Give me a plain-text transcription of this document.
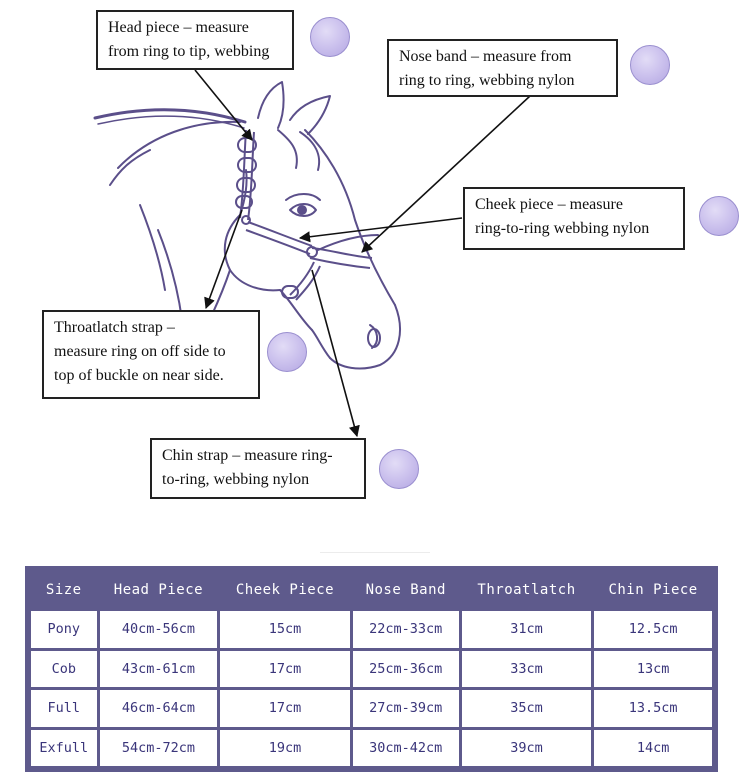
Head piece – measure
from ring to tip, webbing	Nose band – measure from
ring to ring, webbing nylon
Cheek piece – measure
ring-to-ring webbing nylon
Throatlatch strap –
measure ring on off side to
top of buckle on near side.
Chin strap – measure ring-
to-ring, webbing nylon
Size	Head Piece	Cheek Piece	Nose Band	Throatlatch	Chin Piece
Pony	40cm-56cm	15cm	22cm-33cm	31cm	12.5cm
Cob	43cm-61cm	17cm	25cm-36cm	33cm	13cm
Full	46cm-64cm	17cm	27cm-39cm	35cm	13.5cm
Exfull	54cm-72cm	19cm	30cm-42cm	39cm	14cm
